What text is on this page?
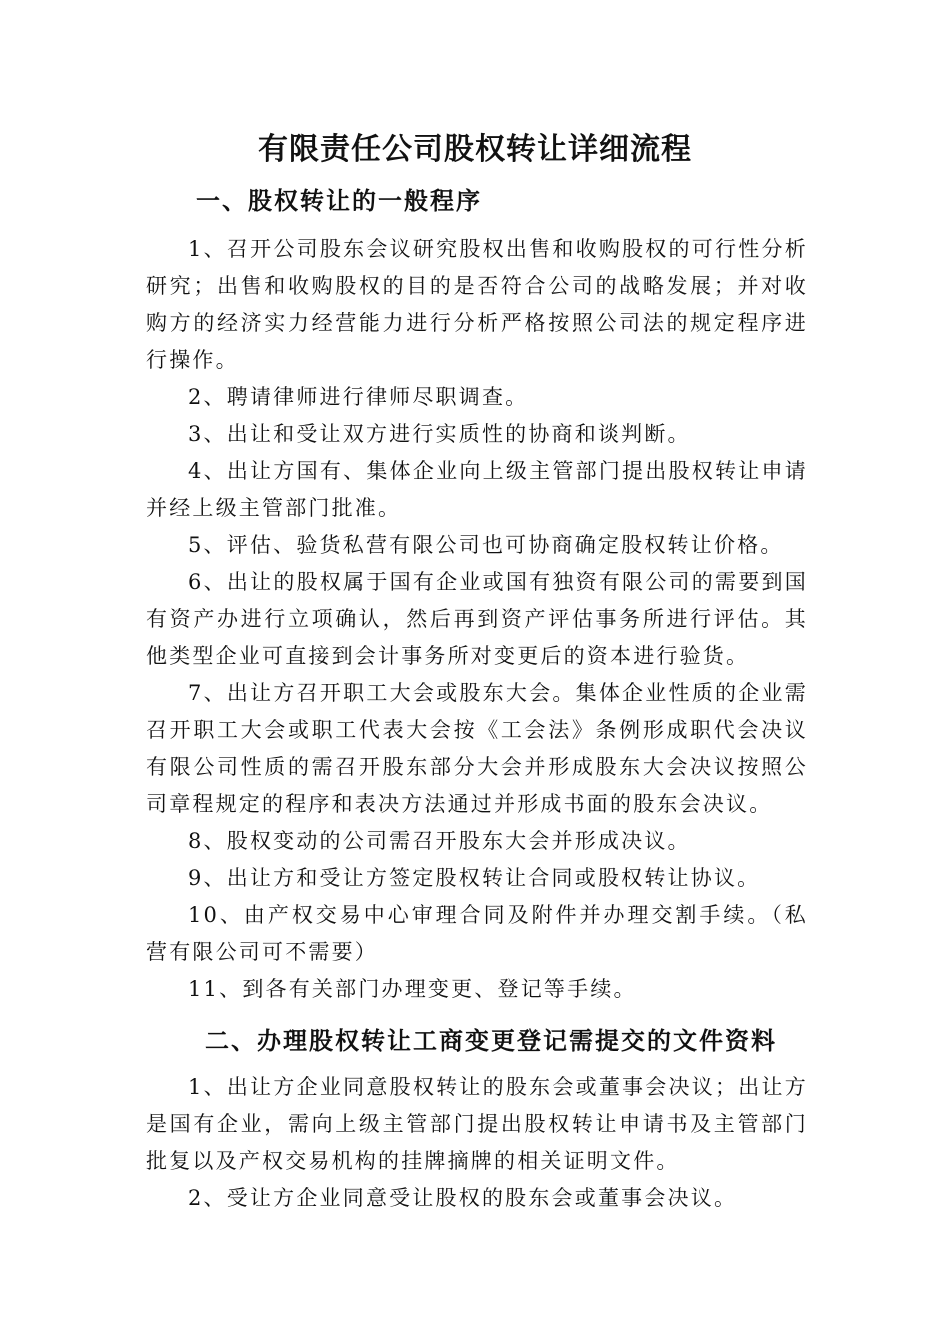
有限责任公司股权转让详细流程
一、股权转让的一般程序

1、召开公司股东会议研究股权出售和收购股权的可行性分析研究；出售和收购股权的目的是否符合公司的战略发展；并对收购方的经济实力经营能力进行分析严格按照公司法的规定程序进行操作。

2、聘请律师进行律师尽职调查。

3、出让和受让双方进行实质性的协商和谈判断。

4、出让方国有、集体企业向上级主管部门提出股权转让申请并经上级主管部门批准。

5、评估、验货私营有限公司也可协商确定股权转让价格。

6、出让的股权属于国有企业或国有独资有限公司的需要到国有资产办进行立项确认，然后再到资产评估事务所进行评估。其他类型企业可直接到会计事务所对变更后的资本进行验货。

7、出让方召开职工大会或股东大会。集体企业性质的企业需召开职工大会或职工代表大会按《工会法》条例形成职代会决议有限公司性质的需召开股东部分大会并形成股东大会决议按照公司章程规定的程序和表决方法通过并形成书面的股东会决议。

8、股权变动的公司需召开股东大会并形成决议。

9、出让方和受让方签定股权转让合同或股权转让协议。

10、由产权交易中心审理合同及附件并办理交割手续。（私营有限公司可不需要）

11、到各有关部门办理变更、登记等手续。

二、办理股权转让工商变更登记需提交的文件资料

1、出让方企业同意股权转让的股东会或董事会决议；出让方是国有企业，需向上级主管部门提出股权转让申请书及主管部门批复以及产权交易机构的挂牌摘牌的相关证明文件。

2、受让方企业同意受让股权的股东会或董事会决议。
